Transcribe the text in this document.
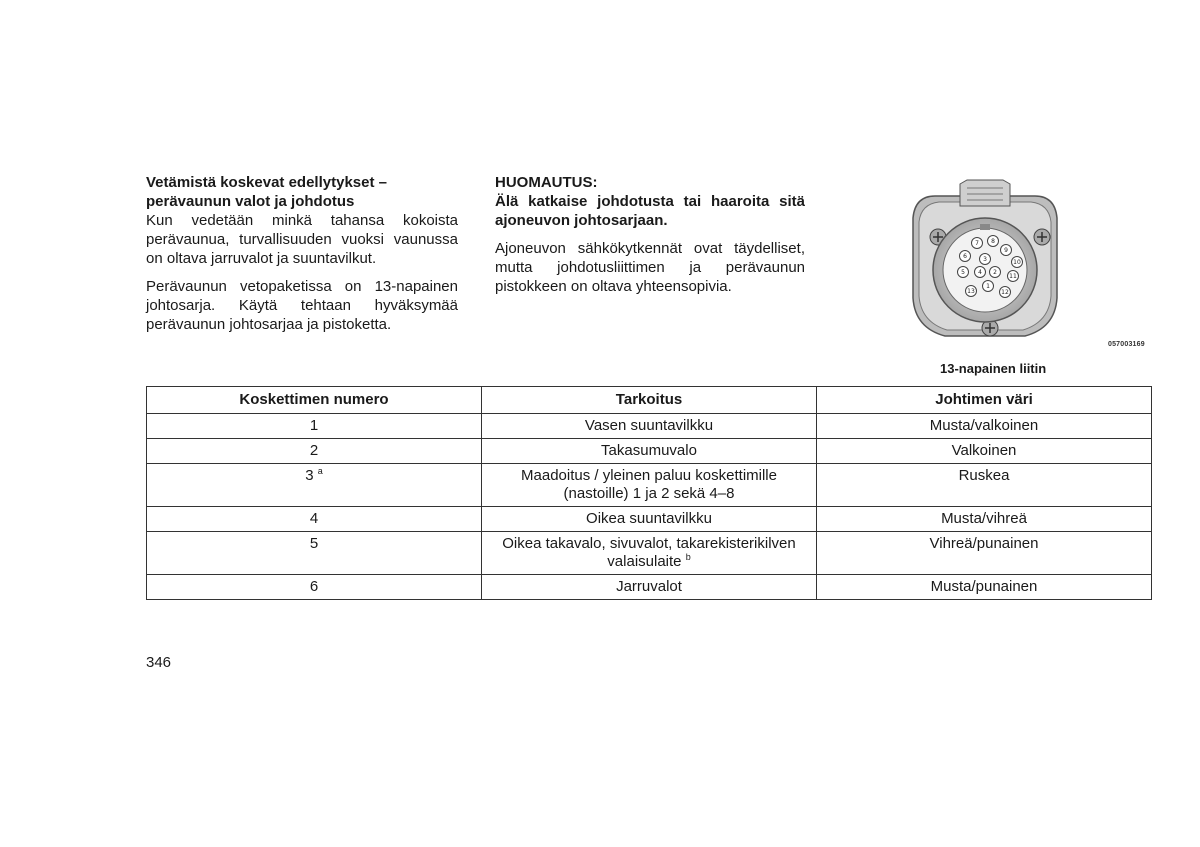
Vetämistä koskevat edellytykset –

perävaunun valot ja johdotus

Kun vedetään minkä tahansa kokoista perävaunua, turvallisuuden vuoksi vaunussa on oltava jarruvalot ja suuntavilkut.

Perävaunun vetopaketissa on 13-napainen johtosarja. Käytä tehtaan hyväksymää perävaunun johtosarjaa ja pistoketta.

HUOMAUTUS:

Älä katkaise johdotusta tai haaroita sitä ajoneuvon johtosarjaan.

Ajoneuvon sähkökytkennät ovat täydelliset, mutta johdotusliittimen ja perävaunun pistokkeen on oltava yhteensopivia.

7 8
9
6	3	10
5 4 2
11
1
13	12
057003169
13-napainen liitin
Koskettimen numero	Tarkoitus	Johtimen väri
1	Vasen suuntavilkku	Musta/valkoinen
2	Takasumuvalo	Valkoinen
3 $^a$	Maadoitus / yleinen paluu koskettimille (nastoille) 1 ja 2 sekä 4–8	Ruskea
4	Oikea suuntavilkku	Musta/vihreä
5	Oikea takavalo, sivuvalot, takarekisterikilven valaisulaite $^b$	Vihreä/punainen
6	Jarruvalot	Musta/punainen
346
